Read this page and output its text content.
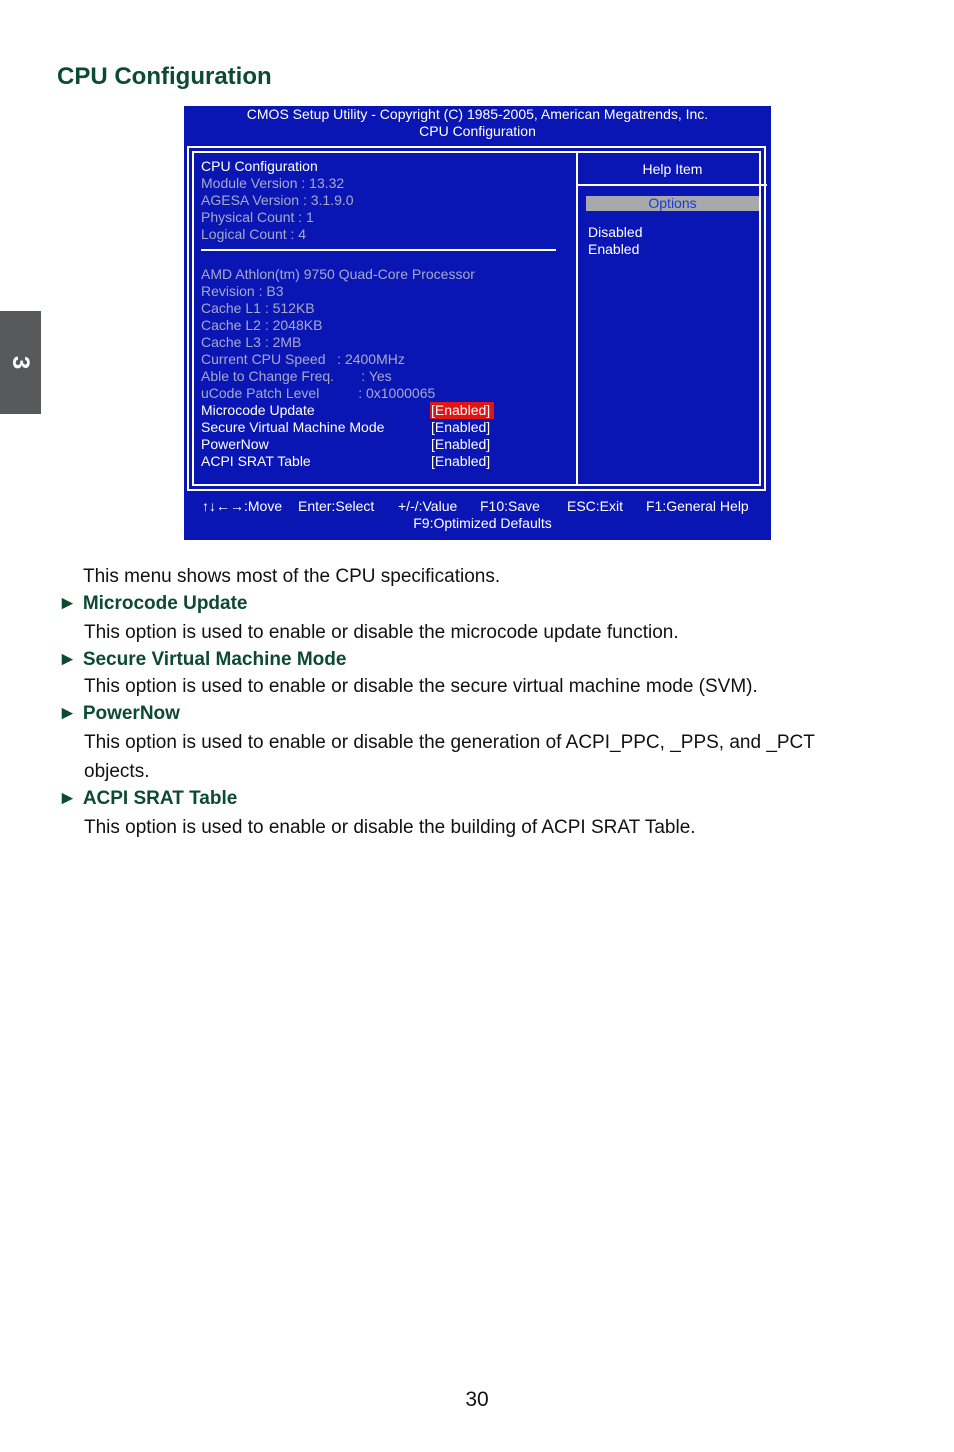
CPU Configuration
3
CMOS Setup Utility - Copyright (C) 1985-2005, American Megatrends, Inc.
CPU Configuration
CPU Configuration
Module Version : 13.32
AGESA Version : 3.1.9.0
Physical Count : 1
Logical Count : 4
AMD Athlon(tm) 9750 Quad-Core Processor
Revision : B3
Cache L1 : 512KB
Cache L2 : 2048KB
Cache L3 : 2MB
Current CPU Speed   : 2400MHz
Able to Change Freq.       : Yes
uCode Patch Level          : 0x1000065
Microcode Update	[Enabled]
Secure Virtual Machine Mode	[Enabled]
PowerNow	[Enabled]
ACPI SRAT Table	[Enabled]
Help Item
Options
Disabled
Enabled
↑↓←→:Move Enter:Select +/-/:Value F10:Save ESC:Exit F1:General Help
F9:Optimized Defaults

This menu shows most of the CPU specifications.

► Microcode Update

This option is used to enable or disable the microcode update function.

► Secure Virtual Machine Mode

This option is used to enable or disable the secure virtual machine mode (SVM).

► PowerNow

This option is used to enable or disable the generation of ACPI_PPC, _PPS, and _PCT

objects.

► ACPI SRAT Table

This option is used to enable or disable the building of ACPI SRAT Table.

30
